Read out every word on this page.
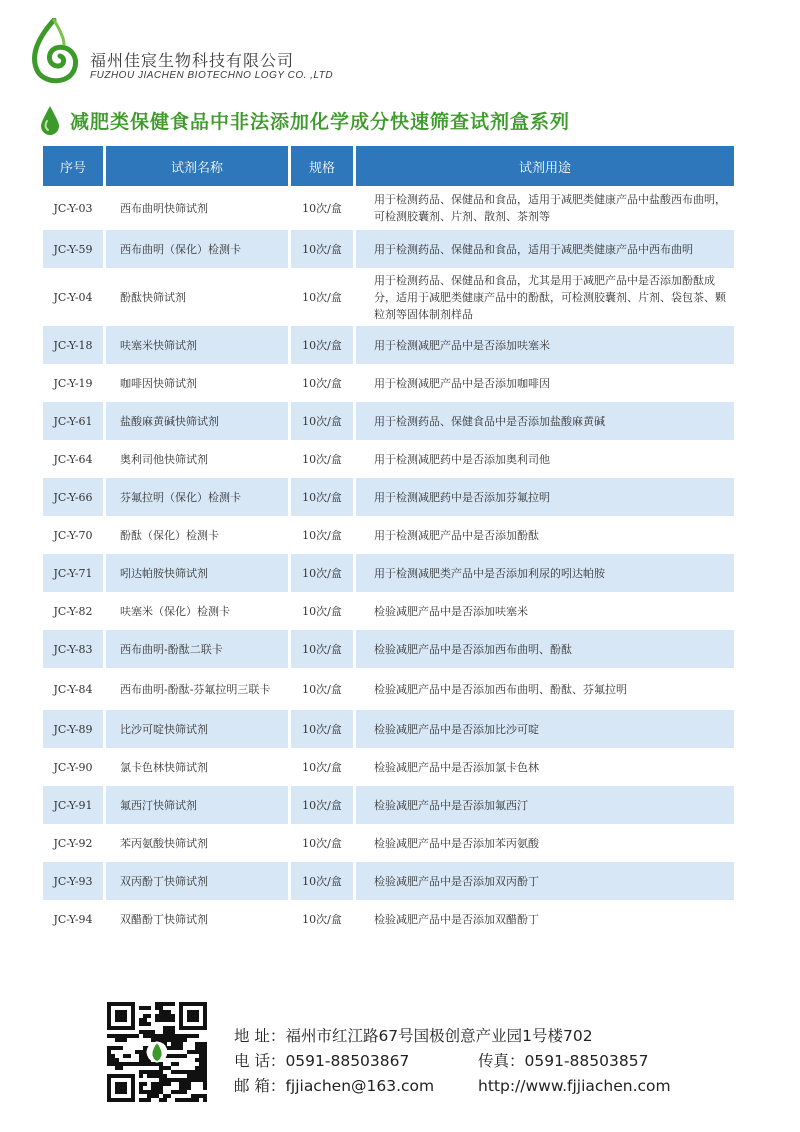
福州佳宸生物科技有限公司
FUZHOU JIACHEN BIOTECHNO LOGY CO. ,LTD
减肥类保健食品中非法添加化学成分快速筛查试剂盒系列
序号	试剂名称	规格	试剂用途
JC-Y-03	西布曲明快筛试剂	10次/盒	用于检测药品、保健品和食品，适用于减肥类健康产品中盐酸西布曲明，可检测胶囊剂、片剂、散剂、茶剂等
JC-Y-59	西布曲明（保化）检测卡	10次/盒	用于检测药品、保健品和食品，适用于减肥类健康产品中西布曲明
JC-Y-04	酚酞快筛试剂	10次/盒	用于检测药品、保健品和食品，尤其是用于减肥产品中是否添加酚酞成分，适用于减肥类健康产品中的酚酞，可检测胶囊剂、片剂、袋包茶、颗粒剂等固体制剂样品
JC-Y-18	呋塞米快筛试剂	10次/盒	用于检测减肥产品中是否添加呋塞米
JC-Y-19	咖啡因快筛试剂	10次/盒	用于检测减肥产品中是否添加咖啡因
JC-Y-61	盐酸麻黄碱快筛试剂	10次/盒	用于检测药品、保健食品中是否添加盐酸麻黄碱
JC-Y-64	奥利司他快筛试剂	10次/盒	用于检测减肥药中是否添加奥利司他
JC-Y-66	芬氟拉明（保化）检测卡	10次/盒	用于检测减肥药中是否添加芬氟拉明
JC-Y-70	酚酞（保化）检测卡	10次/盒	用于检测减肥产品中是否添加酚酞
JC-Y-71	吲达帕胺快筛试剂	10次/盒	用于检测减肥类产品中是否添加利尿的吲达帕胺
JC-Y-82	呋塞米（保化）检测卡	10次/盒	检验减肥产品中是否添加呋塞米
JC-Y-83	西布曲明-酚酞二联卡	10次/盒	检验减肥产品中是否添加西布曲明、酚酞
JC-Y-84	西布曲明-酚酞-芬氟拉明三联卡	10次/盒	检验减肥产品中是否添加西布曲明、酚酞、芬氟拉明
JC-Y-89	比沙可啶快筛试剂	10次/盒	检验减肥产品中是否添加比沙可啶
JC-Y-90	氯卡色林快筛试剂	10次/盒	检验减肥产品中是否添加氯卡色林
JC-Y-91	氟西汀快筛试剂	10次/盒	检验减肥产品中是否添加氟西汀
JC-Y-92	苯丙氨酸快筛试剂	10次/盒	检验减肥产品中是否添加苯丙氨酸
JC-Y-93	双丙酚丁快筛试剂	10次/盒	检验减肥产品中是否添加双丙酚丁
JC-Y-94	双醋酚丁快筛试剂	10次/盒	检验减肥产品中是否添加双醋酚丁
地 址：福州市红江路67号国极创意产业园1号楼702
电 话：0591-88503867	传真：0591-88503857
邮 箱：fjjiachen@163.com	http://www.fjjiachen.com
